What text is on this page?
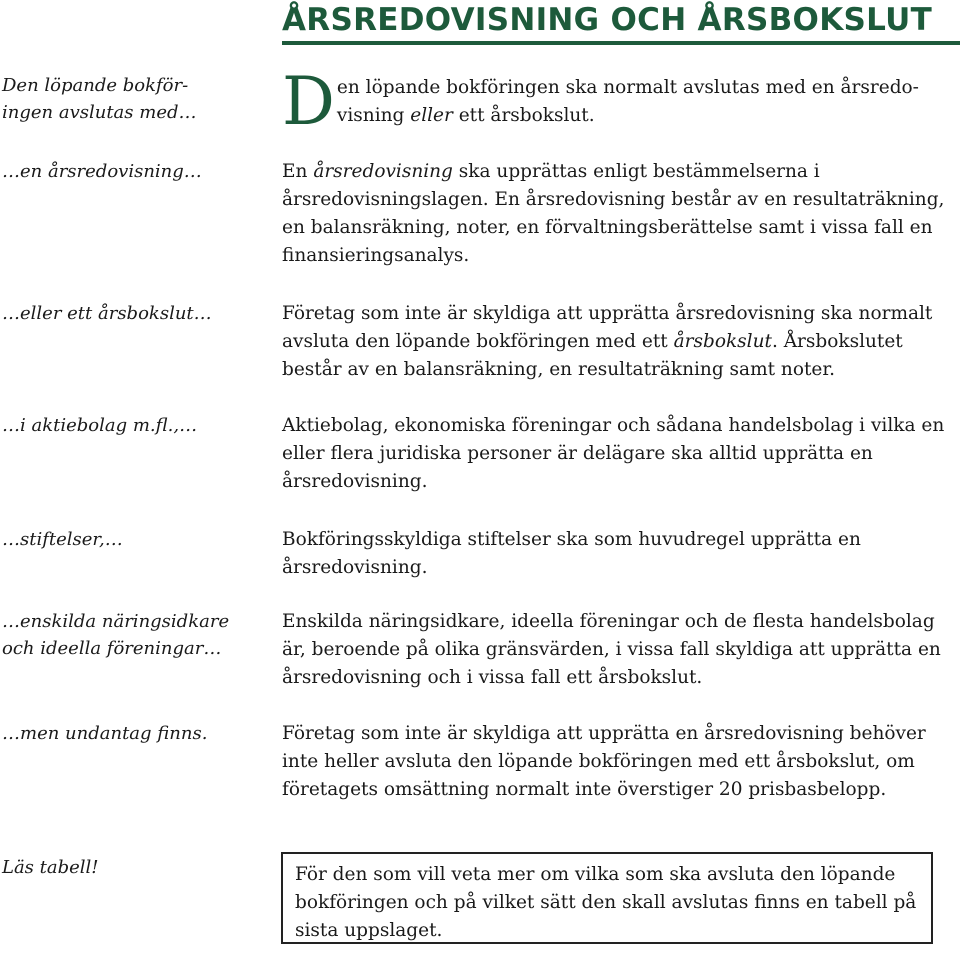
ÅRSREDOVISNING OCH ÅRSBOKSLUT
Den löpande bokför-ingen avslutas med…
…en årsredovisning…
…eller ett årsbokslut…
…i aktiebolag m.fl.,…
…stiftelser,…
…enskilda näringsidkare och ideella föreningar…
…men undantag finns.
Den löpande bokföringen ska normalt avslutas med en årsredo-visning eller ett årsbokslut.
En årsredovisning ska upprättas enligt bestämmelserna i årsredovisningslagen. En årsredovisning består av en resultaträkning, en balansräkning, noter, en förvaltningsberättelse samt i vissa fall en finansieringsanalys.
Företag som inte är skyldiga att upprätta årsredovisning ska normalt avsluta den löpande bokföringen med ett årsbokslut. Årsbokslutet består av en balansräkning, en resultaträkning samt noter.
Aktiebolag, ekonomiska föreningar och sådana handelsbolag i vilka en eller flera juridiska personer är delägare ska alltid upprätta en årsredovisning.
Bokföringsskyldiga stiftelser ska som huvudregel upprätta en årsredovisning.
Enskilda näringsidkare, ideella föreningar och de flesta handelsbolag är, beroende på olika gränsvärden, i vissa fall skyldiga att upprätta en årsredovisning och i vissa fall ett årsbokslut.
Företag som inte är skyldiga att upprätta en årsredovisning behöver inte heller avsluta den löpande bokföringen med ett årsbokslut, om företagets omsättning normalt inte överstiger 20 prisbasbelopp.
Läs tabell!	För den som vill veta mer om vilka som ska avsluta den löpande bokföringen och på vilket sätt den skall avslutas finns en tabell på sista uppslaget.
